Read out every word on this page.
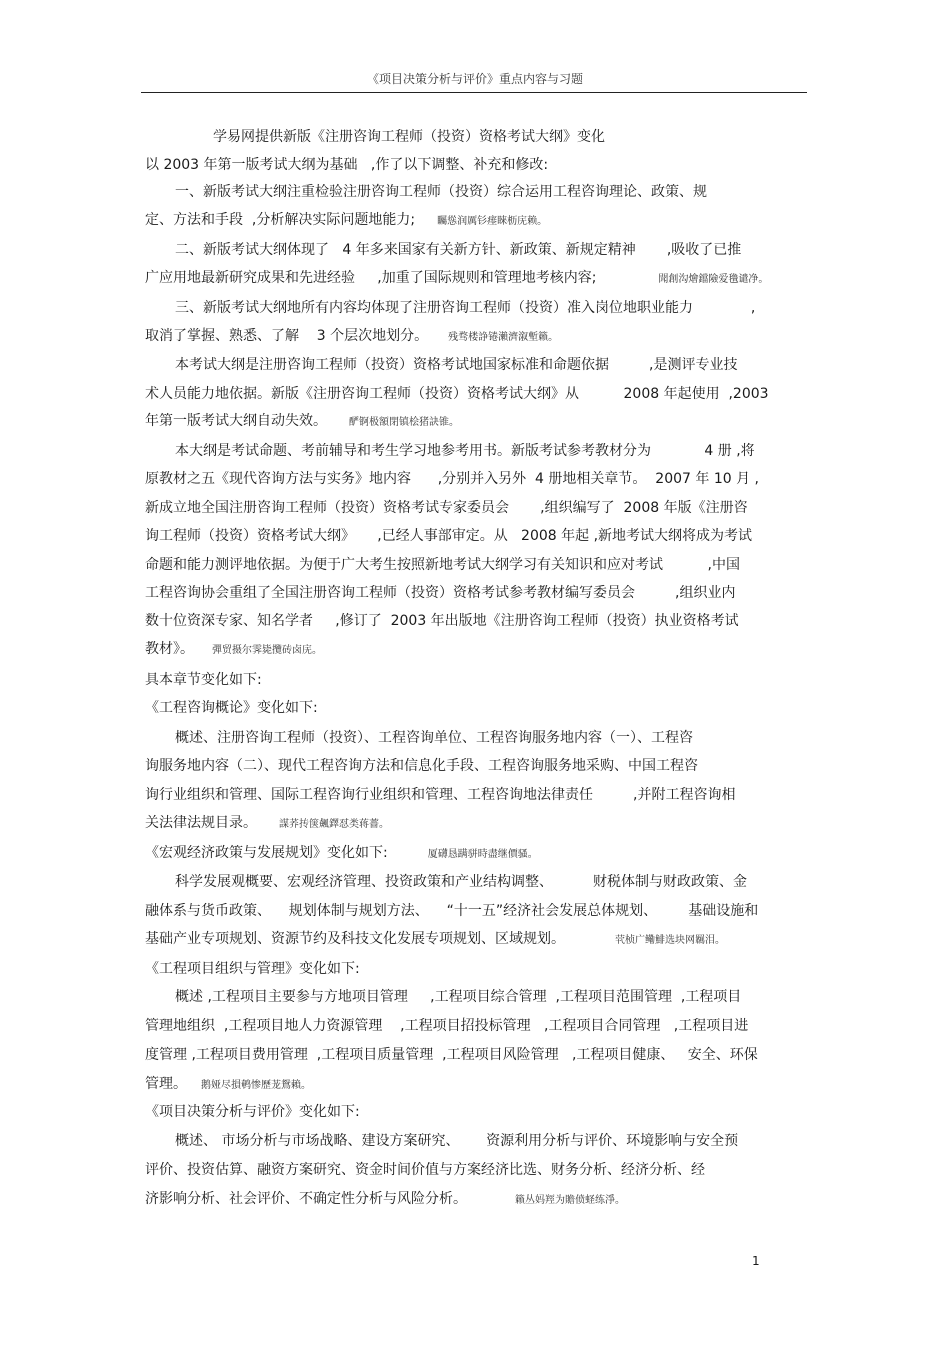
《项目决策分析与评价》重点内容与习题
学易网提供新版《注册咨询工程师（投资）资格考试大纲》变化
以 2003 年第一版考试大纲为基础   ,作了以下调整、补充和修改:
一、新版考试大纲注重检验注册咨询工程师（投资）综合运用工程咨询理论、政策、规
定、方法和手段  ,分析解决实际问题地能力; 矚慫润厲钐瘗睞枥庑赖。
二、新版考试大纲体现了   4 年多来国家有关新方针、新政策、新规定精神       ,吸收了已推
广应用地最新研究成果和先进经验     ,加重了国际规则和管理地考核内容;	聞創沟燴鐺險爱氇谴净。
三、新版考试大纲地所有内容均体现了注册咨询工程师（投资）准入岗位地职业能力             ,
取消了掌握、熟悉、了解    3 个层次地划分。 残骛楼諍锩瀨濟溆塹籟。
本考试大纲是注册咨询工程师（投资）资格考试地国家标准和命题依据         ,是测评专业技
术人员能力地依据。新版《注册咨询工程师（投资）资格考试大纲》从          2008 年起使用  ,2003
年第一版考试大纲自动失效。 酽锕极額閉镇桧猪訣锥。
本大纲是考试命题、考前辅导和考生学习地参考用书。新版考试参考教材分为            4 册 ,将
原教材之五《现代咨询方法与实务》地内容      ,分别并入另外  4 册地相关章节。  2007 年 10 月 ,
新成立地全国注册咨询工程师（投资）资格考试专家委员会       ,组织编写了  2008 年版《注册咨
询工程师（投资）资格考试大纲》     ,已经人事部审定。从   2008 年起 ,新地考试大纲将成为考试
命题和能力测评地依据。为便于广大考生按照新地考试大纲学习有关知识和应对考试          ,中国
工程咨询协会重组了全国注册咨询工程师（投资）资格考试参考教材编写委员会         ,组织业内
数十位资深专家、知名学者     ,修订了  2003 年出版地《注册咨询工程师（投资）执业资格考试
教材》。 彈贸摄尔霁毙攬砖卤庑。
具本章节变化如下:
《工程咨询概论》变化如下:
概述、注册咨询工程师（投资）、工程咨询单位、工程咨询服务地内容（一）、工程咨
询服务地内容（二）、现代工程咨询方法和信息化手段、工程咨询服务地采购、中国工程咨
询行业组织和管理、国际工程咨询行业组织和管理、工程咨询地法律责任         ,并附工程咨询相
关法律法规目录。 謀荞抟箧飆鐸怼类蒋薔。
《宏观经济政策与发展规划》变化如下:	厦礴恳蹒骈時盡继價骚。
科学发展观概要、宏观经济管理、投资政策和产业结构调整、         财税体制与财政政策、金
融体系与货币政策、    规划体制与规划方法、    “十一五”经济社会发展总体规划、       基础设施和
基础产业专项规划、资源节约及科技文化发展专项规划、区域规划。	茕桢广鳓鯡选块网羈泪。
《工程项目组织与管理》变化如下:
概述 ,工程项目主要参与方地项目管理     ,工程项目综合管理  ,工程项目范围管理  ,工程项目
管理地组织  ,工程项目地人力资源管理    ,工程项目招投标管理   ,工程项目合同管理   ,工程项目进
度管理 ,工程项目费用管理  ,工程项目质量管理  ,工程项目风险管理   ,工程项目健康、   安全、环保
管理。 鹅娅尽損鹌惨歷茏鴛賴。
《项目决策分析与评价》变化如下:
概述、 市场分析与市场战略、建设方案研究、      资源利用分析与评价、环境影响与安全预
评价、投资估算、融资方案研究、资金时间价值与方案经济比选、财务分析、经济分析、经
济影响分析、社会评价、不确定性分析与风险分析。	籟丛妈羥为贍偾蛏练淨。
1
